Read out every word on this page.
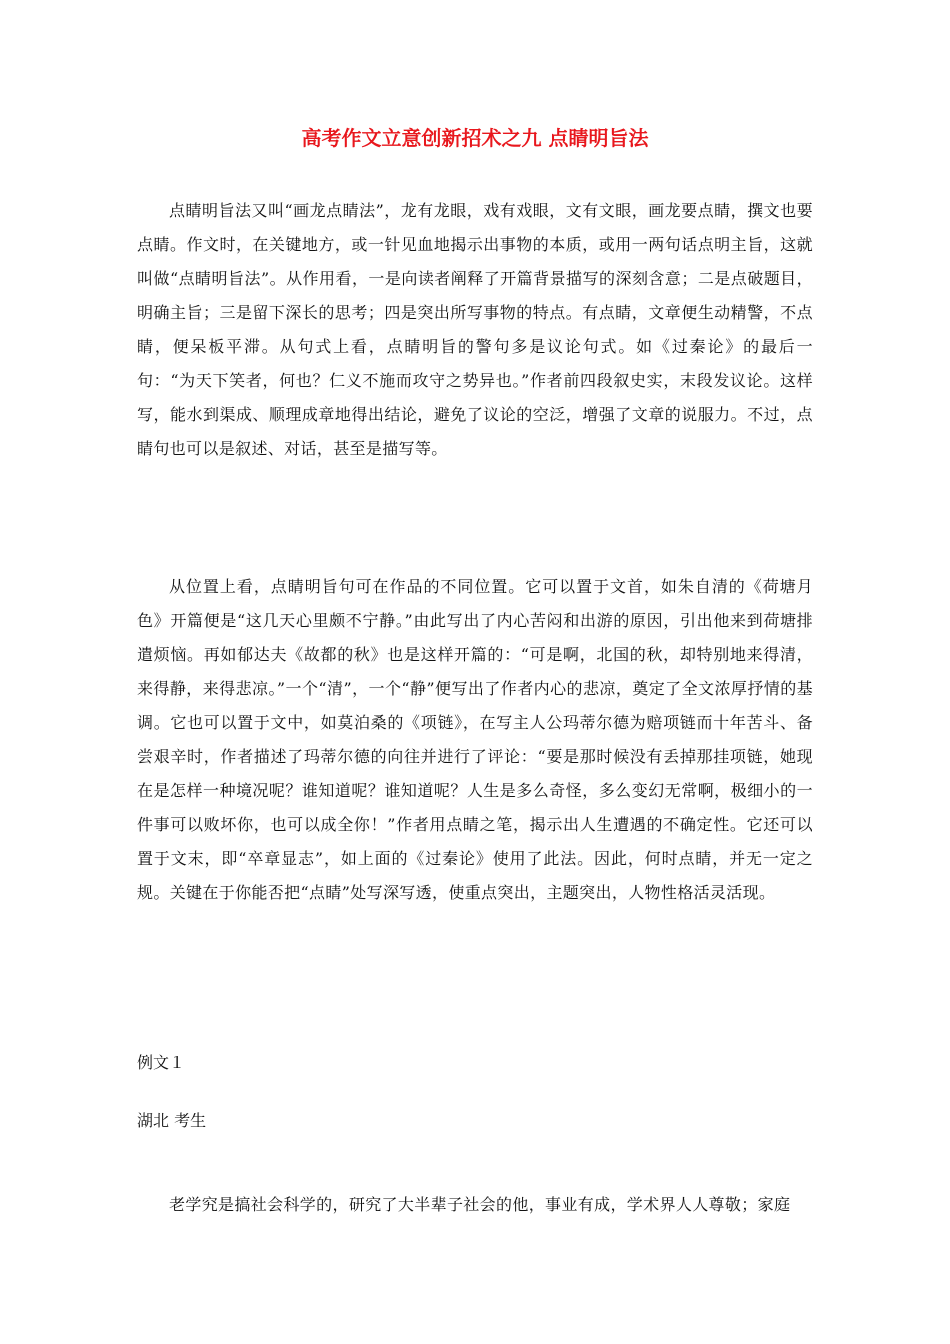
高考作文立意创新招术之九 点睛明旨法

点睛明旨法又叫“画龙点睛法”，龙有龙眼，戏有戏眼，文有文眼，画龙要点睛，撰文也要点睛。作文时，在关键地方，或一针见血地揭示出事物的本质，或用一两句话点明主旨，这就叫做“点睛明旨法”。从作用看，一是向读者阐释了开篇背景描写的深刻含意；二是点破题目，明确主旨；三是留下深长的思考；四是突出所写事物的特点。有点睛，文章便生动精警，不点睛，便呆板平滞。从句式上看，点睛明旨的警句多是议论句式。如《过秦论》的最后一句：“为天下笑者，何也？仁义不施而攻守之势异也。”作者前四段叙史实，末段发议论。这样写，能水到渠成、顺理成章地得出结论，避免了议论的空泛，增强了文章的说服力。不过，点睛句也可以是叙述、对话，甚至是描写等。

从位置上看，点睛明旨句可在作品的不同位置。它可以置于文首，如朱自清的《荷塘月色》开篇便是“这几天心里颇不宁静。”由此写出了内心苦闷和出游的原因，引出他来到荷塘排遣烦恼。再如郁达夫《故都的秋》也是这样开篇的：“可是啊，北国的秋，却特别地来得清，来得静，来得悲凉。”一个“清”，一个“静”便写出了作者内心的悲凉，奠定了全文浓厚抒情的基调。它也可以置于文中，如莫泊桑的《项链》，在写主人公玛蒂尔德为赔项链而十年苦斗、备尝艰辛时，作者描述了玛蒂尔德的向往并进行了评论：“要是那时候没有丢掉那挂项链，她现在是怎样一种境况呢？谁知道呢？谁知道呢？人生是多么奇怪，多么变幻无常啊，极细小的一件事可以败坏你，也可以成全你！”作者用点睛之笔，揭示出人生遭遇的不确定性。它还可以置于文末，即“卒章显志”，如上面的《过秦论》使用了此法。因此，何时点睛，并无一定之规。关键在于你能否把“点睛”处写深写透，使重点突出，主题突出，人物性格活灵活现。

例文１

湖北 考生

老学究是搞社会科学的，研究了大半辈子社会的他，事业有成，学术界人人尊敬；家庭
